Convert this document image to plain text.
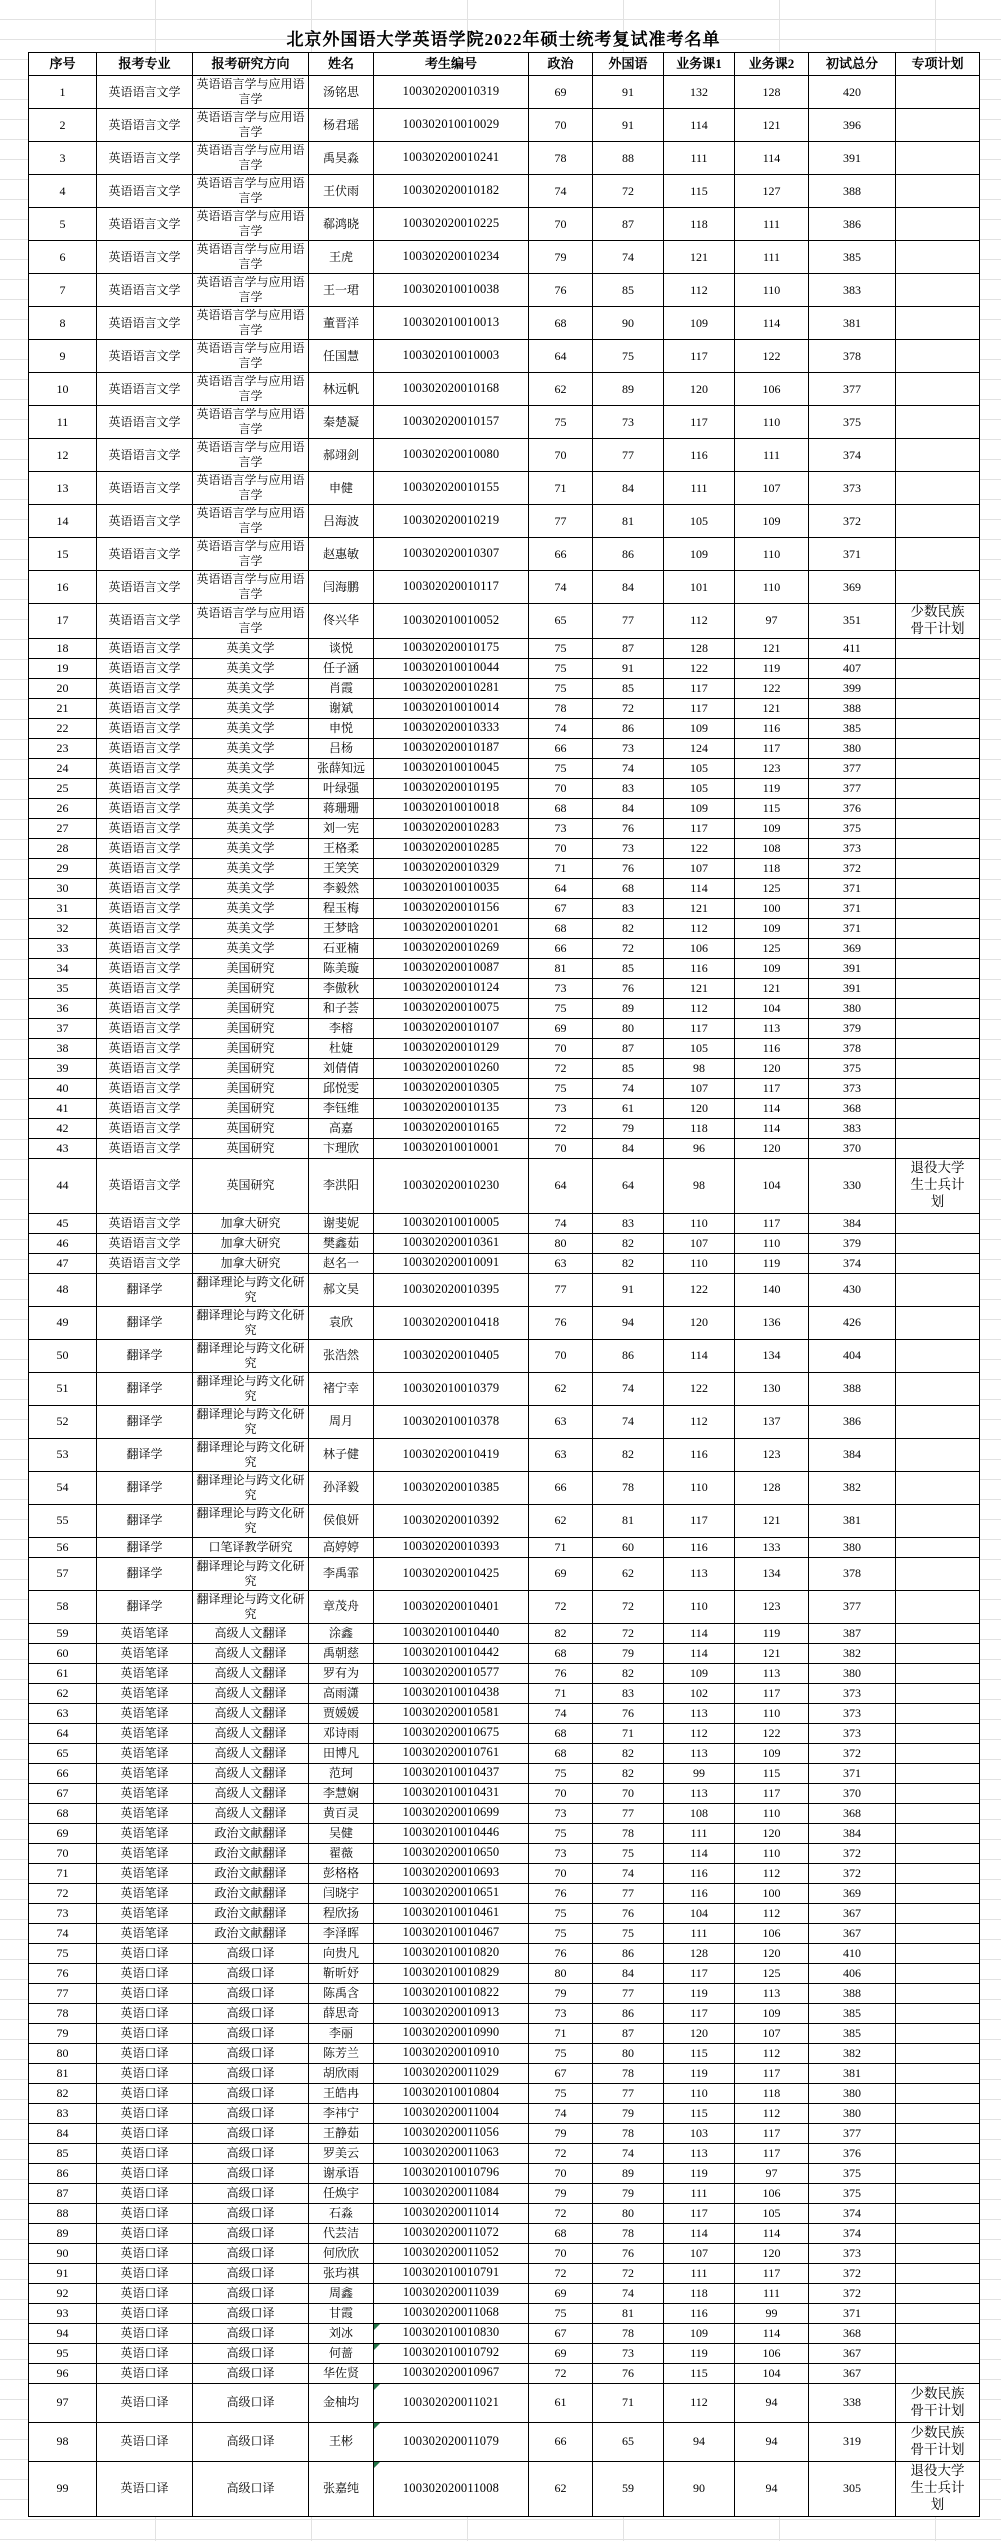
北京外国语大学英语学院2022年硕士统考复试准考名单
序号	报考专业	报考研究方向	姓名	考生编号	政治	外国语	业务课1	业务课2	初试总分	专项计划
1	英语语言文学	英语语言学与应用语言学	汤铭思	100302020010319	69	91	132	128	420	
2	英语语言文学	英语语言学与应用语言学	杨君瑶	100302010010029	70	91	114	121	396	
3	英语语言文学	英语语言学与应用语言学	禹昊淼	100302020010241	78	88	111	114	391	
4	英语语言文学	英语语言学与应用语言学	王伏雨	100302020010182	74	72	115	127	388	
5	英语语言文学	英语语言学与应用语言学	郗鸿晓	100302020010225	70	87	118	111	386	
6	英语语言文学	英语语言学与应用语言学	王虎	100302020010234	79	74	121	111	385	
7	英语语言文学	英语语言学与应用语言学	王一珺	100302010010038	76	85	112	110	383	
8	英语语言文学	英语语言学与应用语言学	董晋洋	100302010010013	68	90	109	114	381	
9	英语语言文学	英语语言学与应用语言学	任国慧	100302010010003	64	75	117	122	378	
10	英语语言文学	英语语言学与应用语言学	林远帆	100302020010168	62	89	120	106	377	
11	英语语言文学	英语语言学与应用语言学	秦楚凝	100302020010157	75	73	117	110	375	
12	英语语言文学	英语语言学与应用语言学	郝翊剑	100302020010080	70	77	116	111	374	
13	英语语言文学	英语语言学与应用语言学	申健	100302020010155	71	84	111	107	373	
14	英语语言文学	英语语言学与应用语言学	吕海波	100302020010219	77	81	105	109	372	
15	英语语言文学	英语语言学与应用语言学	赵惠敏	100302020010307	66	86	109	110	371	
16	英语语言文学	英语语言学与应用语言学	闫海鹏	100302020010117	74	84	101	110	369	
17	英语语言文学	英语语言学与应用语言学	佟兴华	100302010010052	65	77	112	97	351	少数民族骨干计划
18	英语语言文学	英美文学	谈悦	100302020010175	75	87	128	121	411	
19	英语语言文学	英美文学	任子涵	100302010010044	75	91	122	119	407	
20	英语语言文学	英美文学	肖霞	100302020010281	75	85	117	122	399	
21	英语语言文学	英美文学	谢斌	100302010010014	78	72	117	121	388	
22	英语语言文学	英美文学	申悦	100302020010333	74	86	109	116	385	
23	英语语言文学	英美文学	吕杨	100302020010187	66	73	124	117	380	
24	英语语言文学	英美文学	张薛知远	100302010010045	75	74	105	123	377	
25	英语语言文学	英美文学	叶绿强	100302020010195	70	83	105	119	377	
26	英语语言文学	英美文学	蒋珊珊	100302010010018	68	84	109	115	376	
27	英语语言文学	英美文学	刘一宪	100302020010283	73	76	117	109	375	
28	英语语言文学	英美文学	王格柔	100302020010285	70	73	122	108	373	
29	英语语言文学	英美文学	王笑笑	100302020010329	71	76	107	118	372	
30	英语语言文学	英美文学	李毅然	100302010010035	64	68	114	125	371	
31	英语语言文学	英美文学	程玉梅	100302020010156	67	83	121	100	371	
32	英语语言文学	英美文学	王梦晗	100302020010201	68	82	112	109	371	
33	英语语言文学	英美文学	石亚楠	100302020010269	66	72	106	125	369	
34	英语语言文学	美国研究	陈美璇	100302020010087	81	85	116	109	391	
35	英语语言文学	美国研究	李傲秋	100302020010124	73	76	121	121	391	
36	英语语言文学	美国研究	和子荟	100302020010075	75	89	112	104	380	
37	英语语言文学	美国研究	李榕	100302020010107	69	80	117	113	379	
38	英语语言文学	美国研究	杜婕	100302020010129	70	87	105	116	378	
39	英语语言文学	美国研究	刘倩倩	100302020010260	72	85	98	120	375	
40	英语语言文学	美国研究	邱悦雯	100302020010305	75	74	107	117	373	
41	英语语言文学	美国研究	李钰维	100302020010135	73	61	120	114	368	
42	英语语言文学	英国研究	高嘉	100302020010165	72	79	118	114	383	
43	英语语言文学	英国研究	卞理欣	100302010010001	70	84	96	120	370	
44	英语语言文学	英国研究	李洪阳	100302020010230	64	64	98	104	330	退役大学生士兵计划
45	英语语言文学	加拿大研究	谢斐妮	100302010010005	74	83	110	117	384	
46	英语语言文学	加拿大研究	樊鑫茹	100302020010361	80	82	107	110	379	
47	英语语言文学	加拿大研究	赵名一	100302020010091	63	82	110	119	374	
48	翻译学	翻译理论与跨文化研究	郝文昊	100302020010395	77	91	122	140	430	
49	翻译学	翻译理论与跨文化研究	袁欣	100302020010418	76	94	120	136	426	
50	翻译学	翻译理论与跨文化研究	张浩然	100302020010405	70	86	114	134	404	
51	翻译学	翻译理论与跨文化研究	褚宁幸	100302010010379	62	74	122	130	388	
52	翻译学	翻译理论与跨文化研究	周月	100302010010378	63	74	112	137	386	
53	翻译学	翻译理论与跨文化研究	林子健	100302020010419	63	82	116	123	384	
54	翻译学	翻译理论与跨文化研究	孙泽毅	100302020010385	66	78	110	128	382	
55	翻译学	翻译理论与跨文化研究	侯俍妍	100302020010392	62	81	117	121	381	
56	翻译学	口笔译教学研究	高婷婷	100302020010393	71	60	116	133	380	
57	翻译学	翻译理论与跨文化研究	李禹霏	100302020010425	69	62	113	134	378	
58	翻译学	翻译理论与跨文化研究	章茂舟	100302020010401	72	72	110	123	377	
59	英语笔译	高级人文翻译	涂鑫	100302010010440	82	72	114	119	387	
60	英语笔译	高级人文翻译	禹朝慈	100302010010442	68	79	114	121	382	
61	英语笔译	高级人文翻译	罗有为	100302020010577	76	82	109	113	380	
62	英语笔译	高级人文翻译	高雨潇	100302010010438	71	83	102	117	373	
63	英语笔译	高级人文翻译	贾媛媛	100302020010581	74	76	113	110	373	
64	英语笔译	高级人文翻译	邓诗雨	100302020010675	68	71	112	122	373	
65	英语笔译	高级人文翻译	田博凡	100302020010761	68	82	113	109	372	
66	英语笔译	高级人文翻译	范珂	100302010010437	75	82	99	115	371	
67	英语笔译	高级人文翻译	李慧娴	100302010010431	70	70	113	117	370	
68	英语笔译	高级人文翻译	黄百灵	100302020010699	73	77	108	110	368	
69	英语笔译	政治文献翻译	吴健	100302010010446	75	78	111	120	384	
70	英语笔译	政治文献翻译	翟薇	100302020010650	73	75	114	110	372	
71	英语笔译	政治文献翻译	彭格格	100302020010693	70	74	116	112	372	
72	英语笔译	政治文献翻译	闫晓宇	100302020010651	76	77	116	100	369	
73	英语笔译	政治文献翻译	程欣扬	100302010010461	75	76	104	112	367	
74	英语笔译	政治文献翻译	李泽晖	100302010010467	75	75	111	106	367	
75	英语口译	高级口译	向贵凡	100302010010820	76	86	128	120	410	
76	英语口译	高级口译	靳昕妤	100302010010829	80	84	117	125	406	
77	英语口译	高级口译	陈禹含	100302010010822	79	77	119	113	388	
78	英语口译	高级口译	薛思奇	100302020010913	73	86	117	109	385	
79	英语口译	高级口译	李丽	100302020010990	71	87	120	107	385	
80	英语口译	高级口译	陈芳兰	100302020010910	75	80	115	112	382	
81	英语口译	高级口译	胡欣雨	100302020011029	67	78	119	117	381	
82	英语口译	高级口译	王皓冉	100302010010804	75	77	110	118	380	
83	英语口译	高级口译	李祎宁	100302020011004	74	79	115	112	380	
84	英语口译	高级口译	王静茹	100302020011056	79	78	103	117	377	
85	英语口译	高级口译	罗美云	100302020011063	72	74	113	117	376	
86	英语口译	高级口译	谢承语	100302010010796	70	89	119	97	375	
87	英语口译	高级口译	任焕宇	100302020011084	79	79	111	106	375	
88	英语口译	高级口译	石淼	100302020011014	72	80	117	105	374	
89	英语口译	高级口译	代芸洁	100302020011072	68	78	114	114	374	
90	英语口译	高级口译	何欣欣	100302020011052	70	76	107	120	373	
91	英语口译	高级口译	张玙祺	100302010010791	72	72	111	117	372	
92	英语口译	高级口译	周鑫	100302020011039	69	74	118	111	372	
93	英语口译	高级口译	甘霞	100302020011068	75	81	116	99	371	
94	英语口译	高级口译	刘冰	100302010010830	67	78	109	114	368	
95	英语口译	高级口译	何蔷	100302010010792	69	73	119	106	367	
96	英语口译	高级口译	华佐贤	100302020010967	72	76	115	104	367	
97	英语口译	高级口译	金柚均	100302020011021	61	71	112	94	338	少数民族骨干计划
98	英语口译	高级口译	王彬	100302020011079	66	65	94	94	319	少数民族骨干计划
99	英语口译	高级口译	张嘉纯	100302020011008	62	59	90	94	305	退役大学生士兵计划
